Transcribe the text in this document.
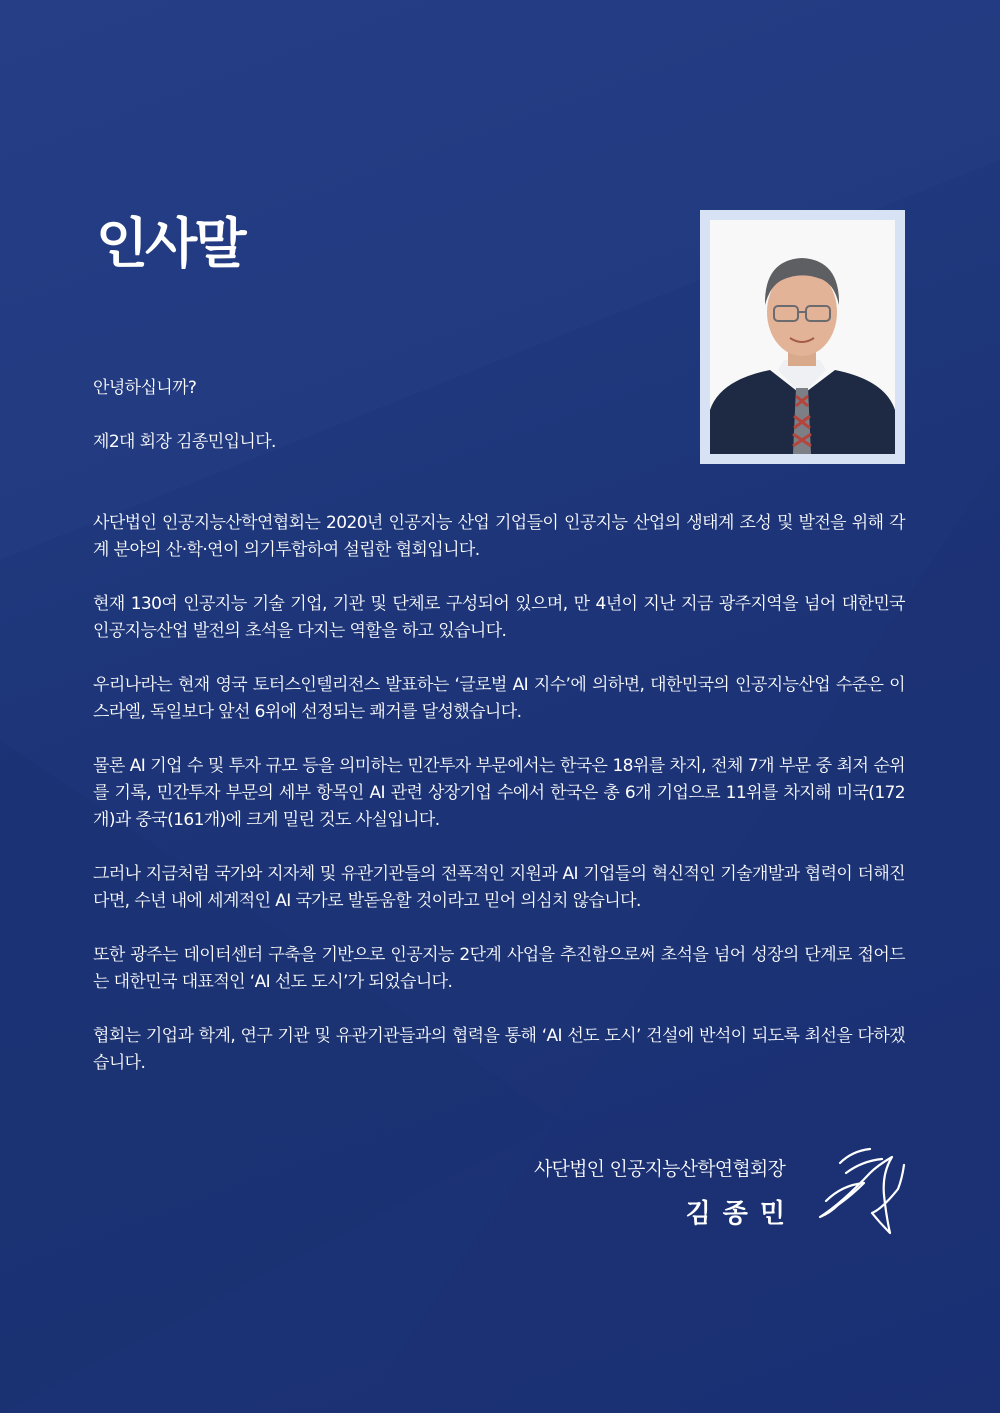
인사말

안녕하십니까?

제2대 회장 김종민입니다.

사단법인 인공지능산학연협회는 2020년 인공지능 산업 기업들이 인공지능 산업의 생태계 조성 및 발전을 위해 각계 분야의 산·학·연이 의기투합하여 설립한 협회입니다.

현재 130여 인공지능 기술 기업, 기관 및 단체로 구성되어 있으며, 만 4년이 지난 지금 광주지역을 넘어 대한민국 인공지능산업 발전의 초석을 다지는 역할을 하고 있습니다.

우리나라는 현재 영국 토터스인텔리전스 발표하는 ‘글로벌 AI 지수’에 의하면, 대한민국의 인공지능산업 수준은 이스라엘, 독일보다 앞선 6위에 선정되는 쾌거를 달성했습니다.

물론 AI 기업 수 및 투자 규모 등을 의미하는 민간투자 부문에서는 한국은 18위를 차지, 전체 7개 부문 중 최저 순위를 기록, 민간투자 부문의 세부 항목인 AI 관련 상장기업 수에서 한국은 총 6개 기업으로 11위를 차지해 미국(172개)과 중국(161개)에 크게 밀린 것도 사실입니다.

그러나 지금처럼 국가와 지자체 및 유관기관들의 전폭적인 지원과 AI 기업들의 혁신적인 기술개발과 협력이 더해진다면, 수년 내에 세계적인 AI 국가로 발돋움할 것이라고 믿어 의심치 않습니다.

또한 광주는 데이터센터 구축을 기반으로 인공지능 2단계 사업을 추진함으로써 초석을 넘어 성장의 단계로 접어드는 대한민국 대표적인 ‘AI 선도 도시’가 되었습니다.

협회는 기업과 학계, 연구 기관 및 유관기관들과의 협력을 통해 ‘AI 선도 도시’ 건설에 반석이 되도록 최선을 다하겠습니다.

사단법인 인공지능산학연협회장
김종민
